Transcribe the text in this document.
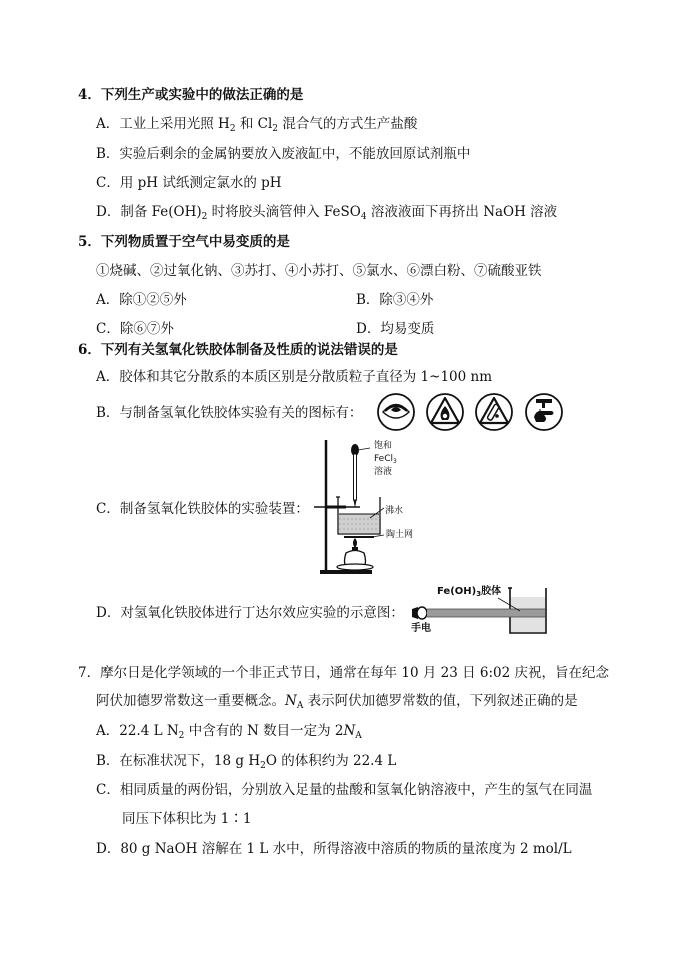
4．下列生产或实验中的做法正确的是
A．工业上采用光照 $H_2$ 和 $Cl_2$ 混合气的方式生产盐酸
B．实验后剩余的金属钠要放入废液缸中，不能放回原试剂瓶中
C．用 pH 试纸测定氯水的 pH
D．制备 $Fe(OH)_2$ 时将胶头滴管伸入 FeSO$_4$ 溶液液面下再挤出 NaOH 溶液
5．下列物质置于空气中易变质的是
①烧碱、②过氧化钠、③苏打、④小苏打、⑤氯水、⑥漂白粉、⑦硫酸亚铁
A．除①②⑤外	B．除③④外
C．除⑥⑦外	D．均易变质
6．下列有关氢氧化铁胶体制备及性质的说法错误的是
A．胶体和其它分散系的本质区别是分散质粒子直径为 1~100 nm
B．与制备氢氧化铁胶体实验有关的图标有：
C．制备氢氧化铁胶体的实验装置：
饱和
FeCl$_3$
溶液
沸水
陶土网
D．对氢氧化铁胶体进行丁达尔效应实验的示意图：
$Fe(OH)_3$胶体
手电
7．摩尔日是化学领域的一个非正式节日，通常在每年 10 月 23 日 6:02 庆祝，旨在纪念
阿伏加德罗常数这一重要概念。$N_A$ 表示阿伏加德罗常数的值，下列叙述正确的是
A．22.4 L $N_2$ 中含有的 N 数目一定为 $2N_A$
B．在标准状况下，18 g $H_2O$ 的体积约为 22.4 L
C．相同质量的两份铝，分别放入足量的盐酸和氢氧化钠溶液中，产生的氢气在同温
同压下体积比为 1∶1
D．80 g NaOH 溶解在 1 L 水中，所得溶液中溶质的物质的量浓度为 2 mol/L
